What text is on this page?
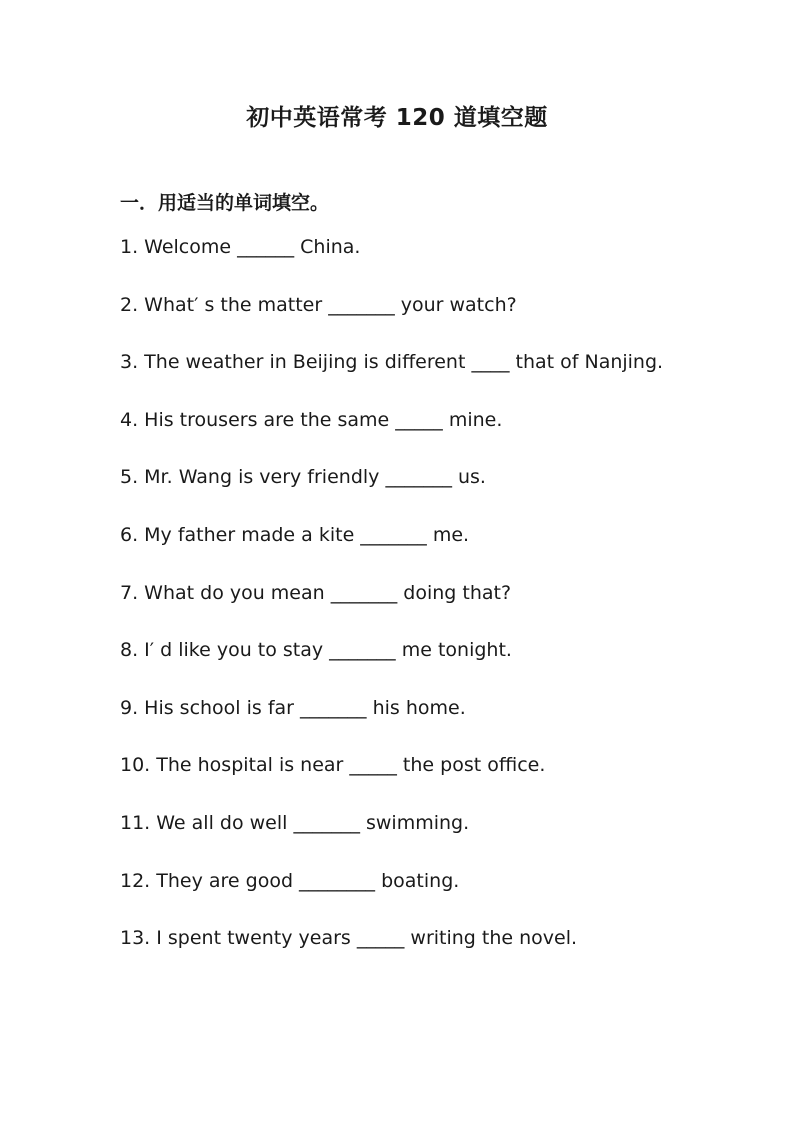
初中英语常考 120 道填空题
一．用适当的单词填空。
1. Welcome ______ China.
2. What′ s the matter _______ your watch?
3. The weather in Beijing is different ____ that of Nanjing.
4. His trousers are the same _____ mine.
5. Mr. Wang is very friendly _______ us.
6. My father made a kite _______ me.
7. What do you mean _______ doing that?
8. I′ d like you to stay _______ me tonight.
9. His school is far _______ his home.
10. The hospital is near _____ the post office.
11. We all do well _______ swimming.
12. They are good ________ boating.
13. I spent twenty years _____ writing the novel.
